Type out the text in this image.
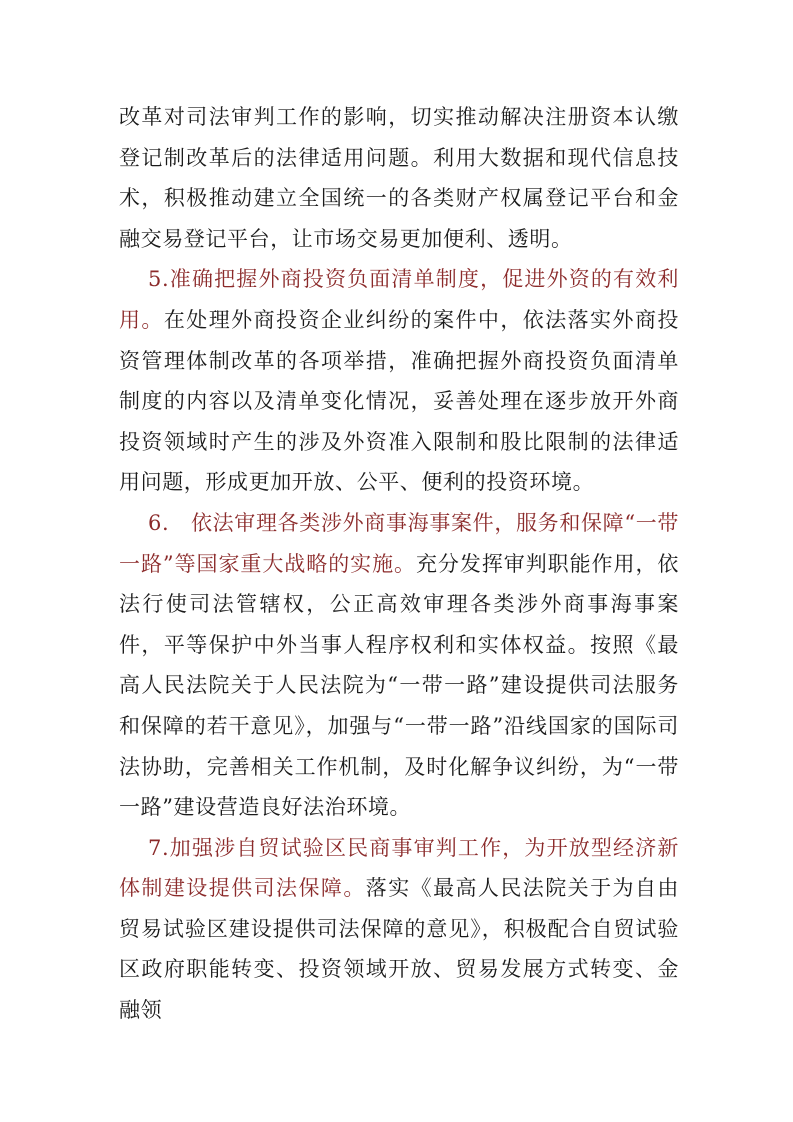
改革对司法审判工作的影响，切实推动解决注册资本认缴登记制改革后的法律适用问题。利用大数据和现代信息技术，积极推动建立全国统一的各类财产权属登记平台和金融交易登记平台，让市场交易更加便利、透明。

5.准确把握外商投资负面清单制度，促进外资的有效利用。在处理外商投资企业纠纷的案件中，依法落实外商投资管理体制改革的各项举措，准确把握外商投资负面清单制度的内容以及清单变化情况，妥善处理在逐步放开外商投资领域时产生的涉及外资准入限制和股比限制的法律适用问题，形成更加开放、公平、便利的投资环境。

6.　依法审理各类涉外商事海事案件，服务和保障“一带一路”等国家重大战略的实施。充分发挥审判职能作用，依法行使司法管辖权，公正高效审理各类涉外商事海事案件，平等保护中外当事人程序权利和实体权益。按照《最高人民法院关于人民法院为“一带一路”建设提供司法服务和保障的若干意见》，加强与“一带一路”沿线国家的国际司法协助，完善相关工作机制，及时化解争议纠纷，为“一带一路”建设营造良好法治环境。

7.加强涉自贸试验区民商事审判工作，为开放型经济新体制建设提供司法保障。落实《最高人民法院关于为自由贸易试验区建设提供司法保障的意见》，积极配合自贸试验区政府职能转变、投资领域开放、贸易发展方式转变、金融领
